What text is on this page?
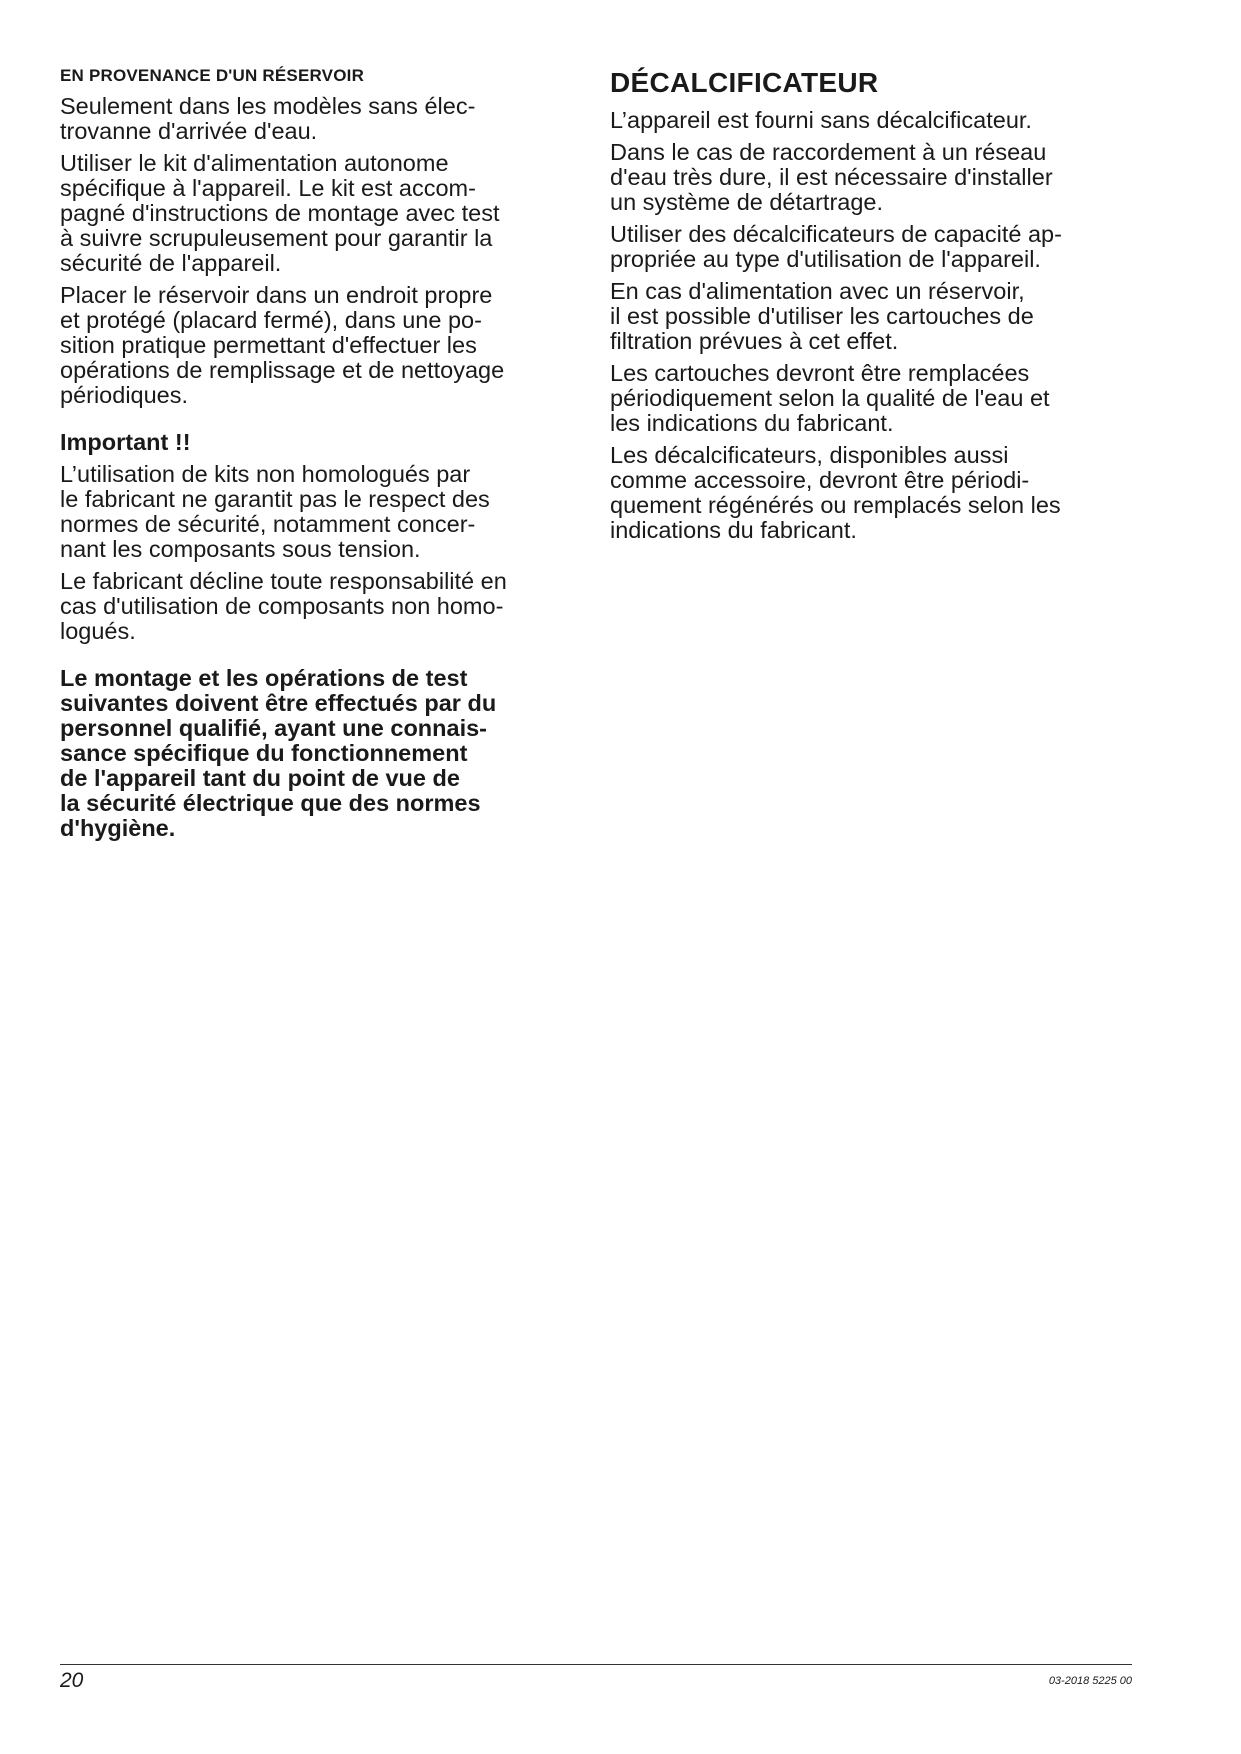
EN PROVENANCE D'UN RÉSERVOIR

Seulement dans les modèles sans élec-
trovanne d'arrivée d'eau.

Utiliser le kit d'alimentation autonome
spécifique à l'appareil. Le kit est accom-
pagné d'instructions de montage avec test
à suivre scrupuleusement pour garantir la
sécurité de l'appareil.

Placer le réservoir dans un endroit propre
et protégé (placard fermé), dans une po-
sition pratique permettant d'effectuer les
opérations de remplissage et de nettoyage
périodiques.

Important !!

L’utilisation de kits non homologués par
le fabricant ne garantit pas le respect des
normes de sécurité, notamment concer-
nant les composants sous tension.

Le fabricant décline toute responsabilité en
cas d'utilisation de composants non homo-
logués.

Le montage et les opérations de test
suivantes doivent être effectués par du
personnel qualifié, ayant une connais-
sance spécifique du fonctionnement
de l'appareil tant du point de vue de
la sécurité électrique que des normes
d'hygiène.

DÉCALCIFICATEUR

L’appareil est fourni sans décalcificateur.

Dans le cas de raccordement à un réseau
d'eau très dure, il est nécessaire d'installer
un système de détartrage.

Utiliser des décalcificateurs de capacité ap-
propriée au type d'utilisation de l'appareil.

En cas d'alimentation avec un réservoir,
il est possible d'utiliser les cartouches de
filtration prévues à cet effet.

Les cartouches devront être remplacées
périodiquement selon la qualité de l'eau et
les indications du fabricant.

Les décalcificateurs, disponibles aussi
comme accessoire, devront être périodi-
quement régénérés ou remplacés selon les
indications du fabricant.

20	03-2018 5225 00
